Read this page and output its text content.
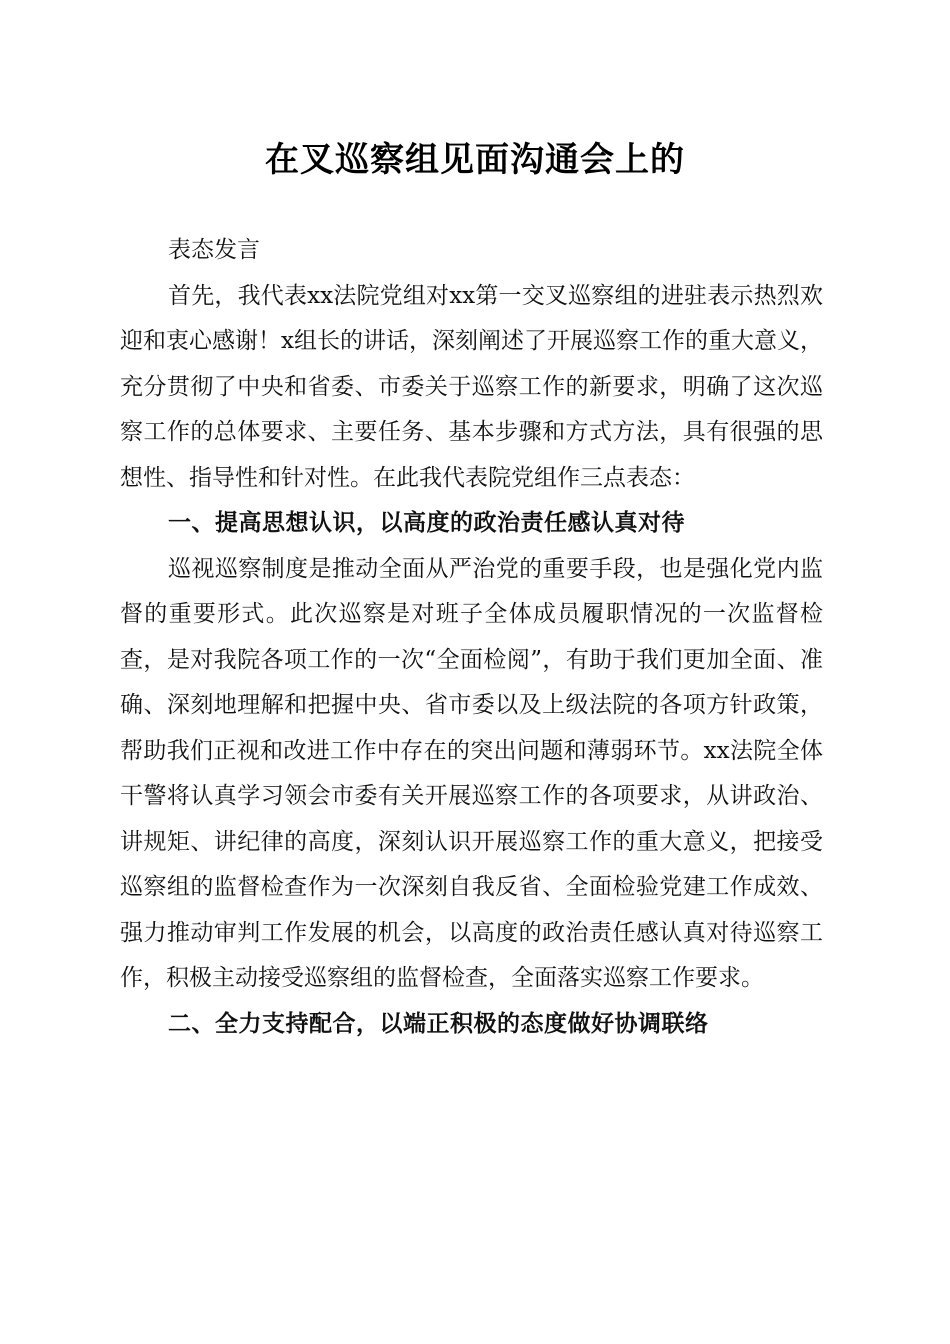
在叉巡察组见面沟通会上的

表态发言

首先，我代表xx法院党组对xx第一交叉巡察组的进驻表示热烈欢迎和衷心感谢！x组长的讲话，深刻阐述了开展巡察工作的重大意义，充分贯彻了中央和省委、市委关于巡察工作的新要求，明确了这次巡察工作的总体要求、主要任务、基本步骤和方式方法，具有很强的思想性、指导性和针对性。在此我代表院党组作三点表态：

一、提高思想认识，以高度的政治责任感认真对待

巡视巡察制度是推动全面从严治党的重要手段，也是强化党内监督的重要形式。此次巡察是对班子全体成员履职情况的一次监督检查，是对我院各项工作的一次“全面检阅”，有助于我们更加全面、准确、深刻地理解和把握中央、省市委以及上级法院的各项方针政策，帮助我们正视和改进工作中存在的突出问题和薄弱环节。xx法院全体干警将认真学习领会市委有关开展巡察工作的各项要求，从讲政治、讲规矩、讲纪律的高度，深刻认识开展巡察工作的重大意义，把接受巡察组的监督检查作为一次深刻自我反省、全面检验党建工作成效、强力推动审判工作发展的机会，以高度的政治责任感认真对待巡察工作，积极主动接受巡察组的监督检查，全面落实巡察工作要求。

二、全力支持配合，以端正积极的态度做好协调联络
